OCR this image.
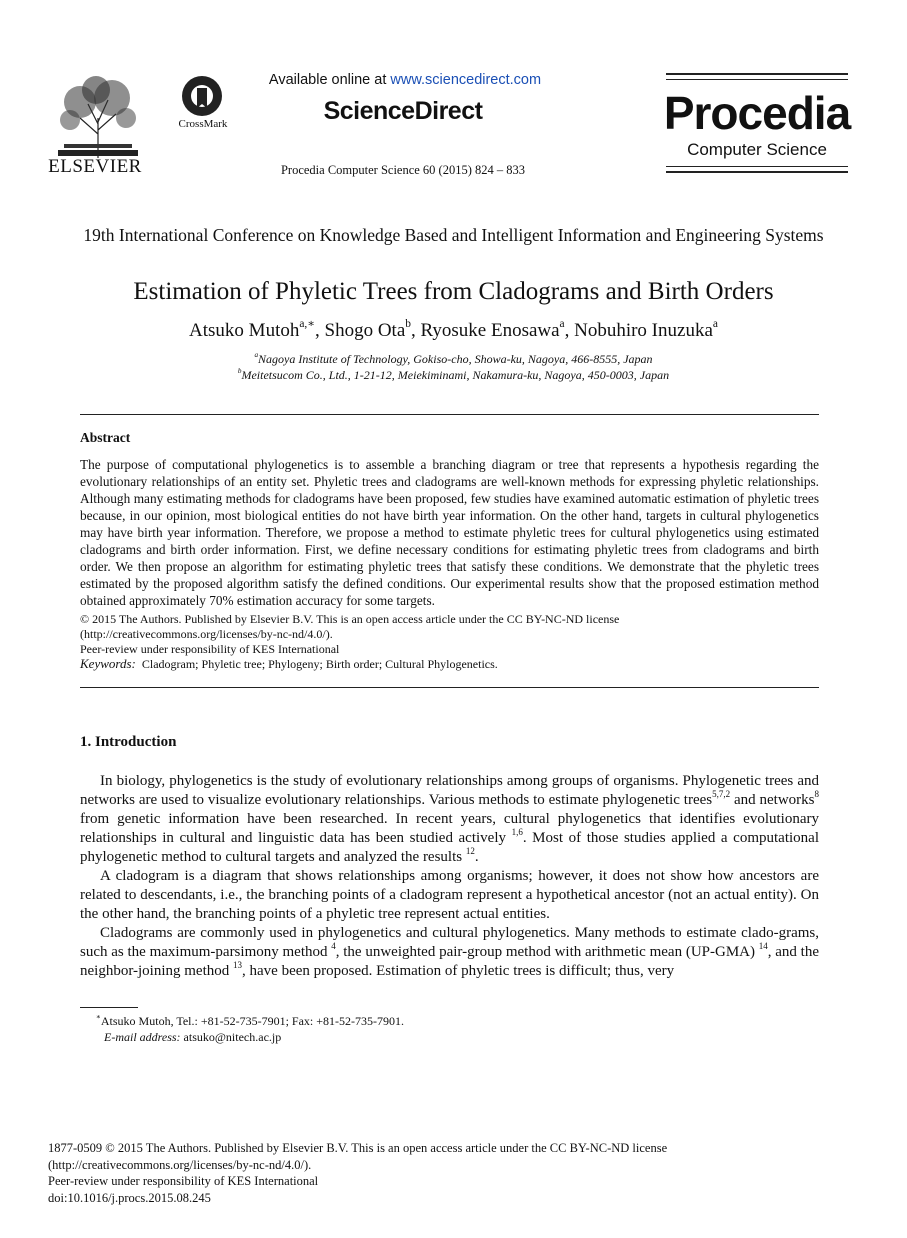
ELSEVIER
CrossMark
Available online at www.sciencedirect.com
ScienceDirect
Procedia Computer Science 60 (2015) 824 – 833
Procedia
Computer Science
19th International Conference on Knowledge Based and Intelligent Information and Engineering Systems
Estimation of Phyletic Trees from Cladograms and Birth Orders
Atsuko Mutoh$^{a,∗}$, Shogo Ota$^b$, Ryosuke Enosawa$^a$, Nobuhiro Inuzuka$^a$
$^a$Nagoya Institute of Technology, Gokiso-cho, Showa-ku, Nagoya, 466-8555, Japan
$^b$Meitetsucom Co., Ltd., 1-21-12, Meiekiminami, Nakamura-ku, Nagoya, 450-0003, Japan
Abstract
The purpose of computational phylogenetics is to assemble a branching diagram or tree that represents a hypothesis regarding the evolutionary relationships of an entity set. Phyletic trees and cladograms are well-known methods for expressing phyletic relationships. Although many estimating methods for cladograms have been proposed, few studies have examined automatic estimation of phyletic trees because, in our opinion, most biological entities do not have birth year information. On the other hand, targets in cultural phylogenetics may have birth year information. Therefore, we propose a method to estimate phyletic trees for cultural phylogenetics using estimated cladograms and birth order information. First, we define necessary conditions for estimating phyletic trees from cladograms and birth order. We then propose an algorithm for estimating phyletic trees that satisfy these conditions. We demonstrate that the phyletic trees estimated by the proposed algorithm satisfy the defined conditions. Our experimental results show that the proposed estimation method obtained approximately 70% estimation accuracy for some targets.
© 2015 The Authors. Published by Elsevier B.V. This is an open access article under the CC BY-NC-ND license
(http://creativecommons.org/licenses/by-nc-nd/4.0/).
Peer-review under responsibility of KES International
Keywords: Cladogram; Phyletic tree; Phylogeny; Birth order; Cultural Phylogenetics.
1. Introduction

In biology, phylogenetics is the study of evolutionary relationships among groups of organisms. Phylogenetic trees and networks are used to visualize evolutionary relationships. Various methods to estimate phylogenetic trees$^{5,7,2}$ and networks$^8$ from genetic information have been researched. In recent years, cultural phylogenetics that identifies evolutionary relationships in cultural and linguistic data has been studied actively $^{1,6}$. Most of those studies applied a computational phylogenetic method to cultural targets and analyzed the results $^{12}$.

A cladogram is a diagram that shows relationships among organisms; however, it does not show how ancestors are related to descendants, i.e., the branching points of a cladogram represent a hypothetical ancestor (not an actual entity). On the other hand, the branching points of a phyletic tree represent actual entities.

Cladograms are commonly used in phylogenetics and cultural phylogenetics. Many methods to estimate clado-grams, such as the maximum-parsimony method $^4$, the unweighted pair-group method with arithmetic mean (UP-GMA) $^{14}$, and the neighbor-joining method $^{13}$, have been proposed. Estimation of phyletic trees is difficult; thus, very

∗Atsuko Mutoh, Tel.: +81-52-735-7901; Fax: +81-52-735-7901.
E-mail address: atsuko@nitech.ac.jp
1877-0509 © 2015 The Authors. Published by Elsevier B.V. This is an open access article under the CC BY-NC-ND license
(http://creativecommons.org/licenses/by-nc-nd/4.0/).
Peer-review under responsibility of KES International
doi:10.1016/j.procs.2015.08.245
